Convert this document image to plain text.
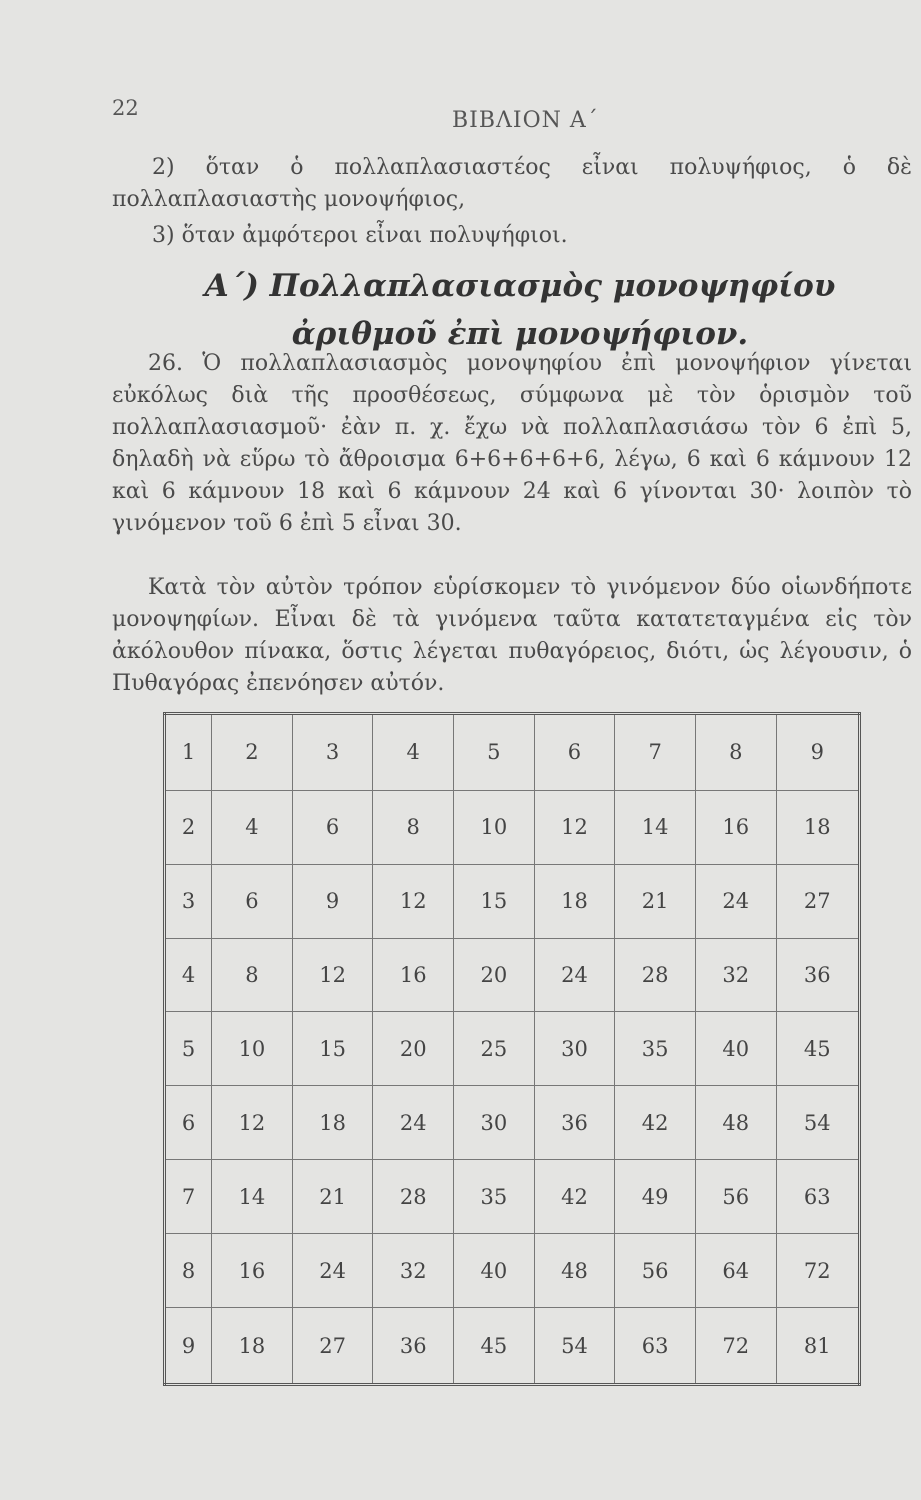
22	ΒΙΒΛΙΟΝ Α΄

2) ὅταν ὁ πολλαπλασιαστέος εἶναι πολυψήφιος, ὁ δὲ πολλαπλασιαστὴς μονοψήφιος,

3) ὅταν ἀμφότεροι εἶναι πολυψήφιοι.

Α΄) Πολλαπλασιασμὸς μονοψηφίου ἀριθμοῦ ἐπὶ μονοψήφιον.

26. Ὁ πολλαπλασιασμὸς μονοψηφίου ἐπὶ μονοψήφιον γίνεται εὐκόλως διὰ τῆς προσθέσεως, σύμφωνα μὲ τὸν ὁρισμὸν τοῦ πολλαπλασιασμοῦ· ἐὰν π. χ. ἔχω νὰ πολλαπλασιάσω τὸν 6 ἐπὶ 5, δηλαδὴ νὰ εὕρω τὸ ἄθροισμα 6+6+6+6+6, λέγω, 6 καὶ 6 κάμνουν 12 καὶ 6 κάμνουν 18 καὶ 6 κάμνουν 24 καὶ 6 γίνονται 30· λοιπὸν τὸ γινόμενον τοῦ 6 ἐπὶ 5 εἶναι 30.

Κατὰ τὸν αὐτὸν τρόπον εὑρίσκομεν τὸ γινόμενον δύο οἱωνδήποτε μονοψηφίων. Εἶναι δὲ τὰ γινόμενα ταῦτα κατατεταγμένα εἰς τὸν ἀκόλουθον πίνακα, ὅστις λέγεται πυθαγόρειος, διότι, ὡς λέγουσιν, ὁ Πυθαγόρας ἐπενόησεν αὐτόν.

1	2	3	4	5	6	7	8	9
2	4	6	8	10	12	14	16	18
3	6	9	12	15	18	21	24	27
4	8	12	16	20	24	28	32	36
5	10	15	20	25	30	35	40	45
6	12	18	24	30	36	42	48	54
7	14	21	28	35	42	49	56	63
8	16	24	32	40	48	56	64	72
9	18	27	36	45	54	63	72	81
